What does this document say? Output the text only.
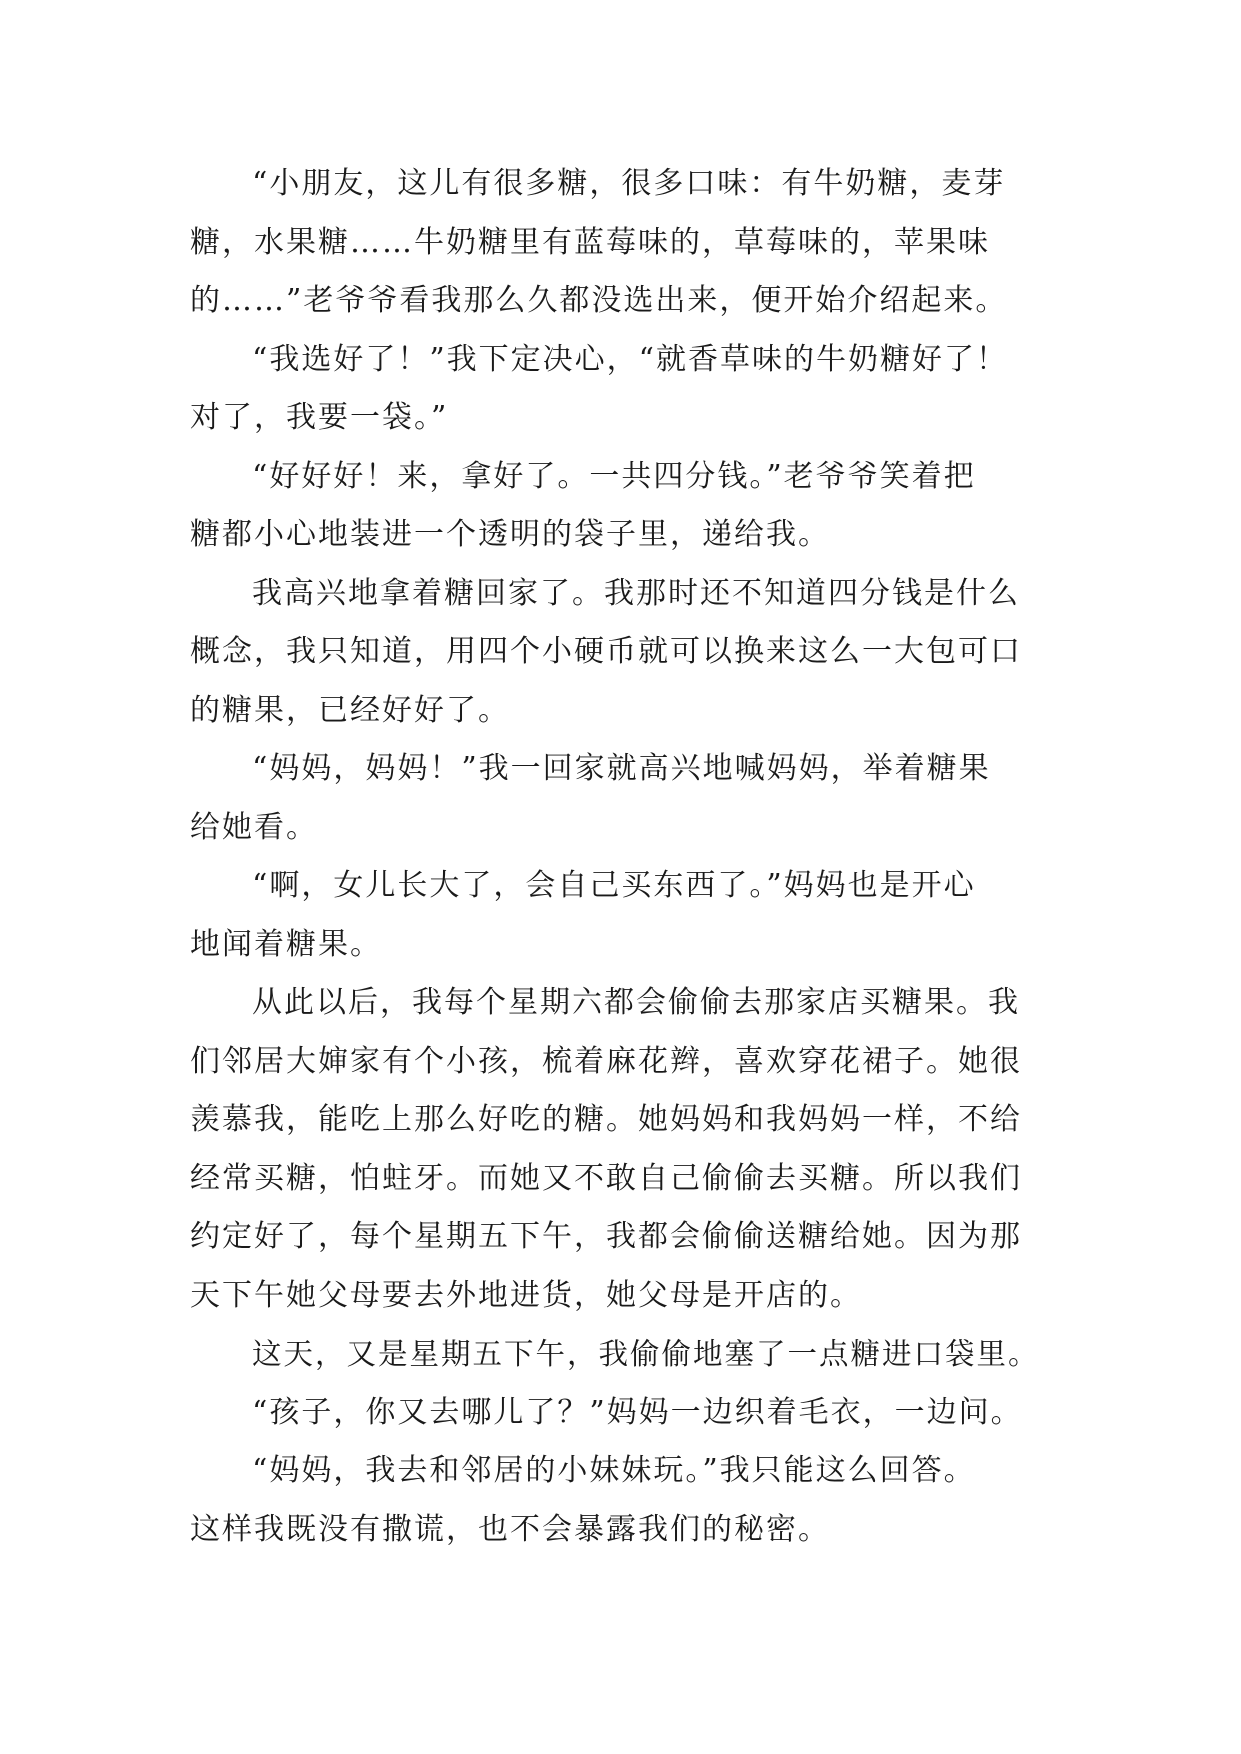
“小朋友，这儿有很多糖，很多口味：有牛奶糖，麦芽
糖，水果糖……牛奶糖里有蓝莓味的，草莓味的，苹果味
的……”老爷爷看我那么久都没选出来，便开始介绍起来。
“我选好了！”我下定决心，“就香草味的牛奶糖好了！
对了，我要一袋。”
“好好好！来，拿好了。一共四分钱。”老爷爷笑着把
糖都小心地装进一个透明的袋子里，递给我。
我高兴地拿着糖回家了。我那时还不知道四分钱是什么
概念，我只知道，用四个小硬币就可以换来这么一大包可口
的糖果，已经好好了。
“妈妈，妈妈！”我一回家就高兴地喊妈妈，举着糖果
给她看。
“啊，女儿长大了，会自己买东西了。”妈妈也是开心
地闻着糖果。
从此以后，我每个星期六都会偷偷去那家店买糖果。我
们邻居大婶家有个小孩，梳着麻花辫，喜欢穿花裙子。她很
羡慕我，能吃上那么好吃的糖。她妈妈和我妈妈一样，不给
经常买糖，怕蛀牙。而她又不敢自己偷偷去买糖。所以我们
约定好了，每个星期五下午，我都会偷偷送糖给她。因为那
天下午她父母要去外地进货，她父母是开店的。
这天，又是星期五下午，我偷偷地塞了一点糖进口袋里。
“孩子，你又去哪儿了？”妈妈一边织着毛衣，一边问。
“妈妈，我去和邻居的小妹妹玩。”我只能这么回答。
这样我既没有撒谎，也不会暴露我们的秘密。
